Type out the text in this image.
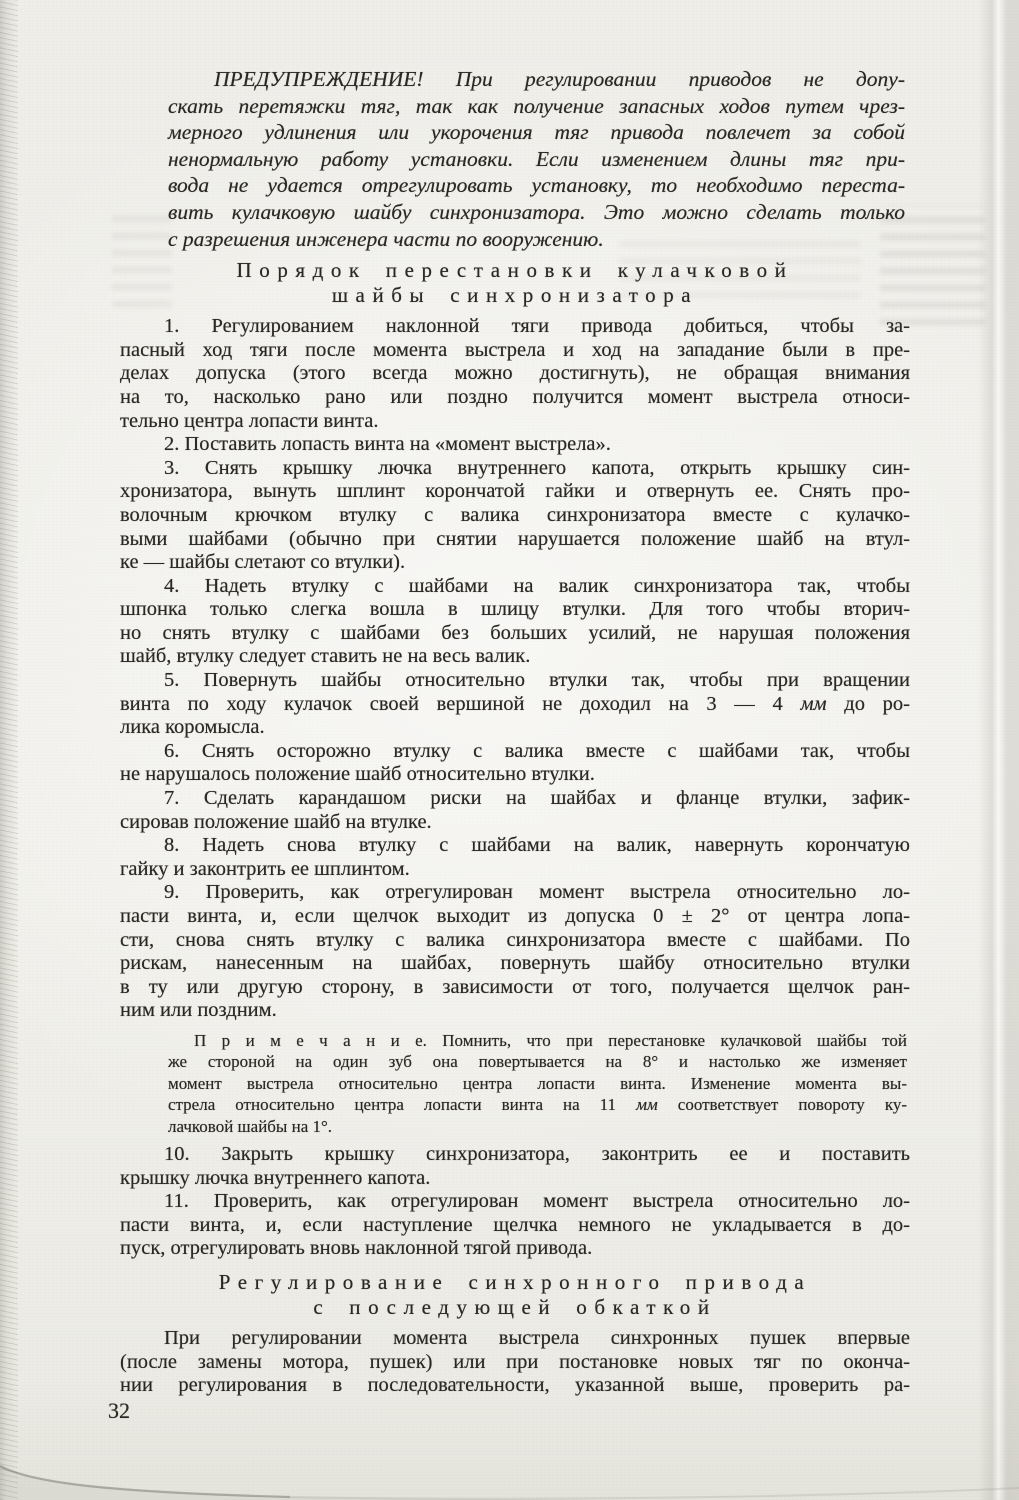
ПРЕДУПРЕЖДЕНИЕ! При регулировании приводов не допу-
скать перетяжки тяг, так как получение запасных ходов путем чрез-
мерного удлинения или укорочения тяг привода повлечет за собой
ненормальную работу установки. Если изменением длины тяг при-
вода не удается отрегулировать установку, то необходимо переста-
вить кулачковую шайбу синхронизатора. Это можно сделать только
с разрешения инженера части по вооружению.
Порядок перестановки кулачковой
шайбы синхронизатора
1. Регулированием наклонной тяги привода добиться, чтобы за-
пасный ход тяги после момента выстрела и ход на западание были в пре-
делах допуска (этого всегда можно достигнуть), не обращая внимания
на то, насколько рано или поздно получится момент выстрела относи-
тельно центра лопасти винта.
2. Поставить лопасть винта на «момент выстрела».
3. Снять крышку лючка внутреннего капота, открыть крышку син-
хронизатора, вынуть шплинт корончатой гайки и отвернуть ее. Снять про-
волочным крючком втулку с валика синхронизатора вместе с кулачко-
выми шайбами (обычно при снятии нарушается положение шайб на втул-
ке — шайбы слетают со втулки).
4. Надеть втулку с шайбами на валик синхронизатора так, чтобы
шпонка только слегка вошла в шлицу втулки. Для того чтобы вторич-
но снять втулку с шайбами без больших усилий, не нарушая положения
шайб, втулку следует ставить не на весь валик.
5. Повернуть шайбы относительно втулки так, чтобы при вращении
винта по ходу кулачок своей вершиной не доходил на 3 — 4 мм до ро-
лика коромысла.
6. Снять осторожно втулку с валика вместе с шайбами так, чтобы
не нарушалось положение шайб относительно втулки.
7. Сделать карандашом риски на шайбах и фланце втулки, зафик-
сировав положение шайб на втулке.
8. Надеть снова втулку с шайбами на валик, навернуть корончатую
гайку и законтрить ее шплинтом.
9. Проверить, как отрегулирован момент выстрела относительно ло-
пасти винта, и, если щелчок выходит из допуска 0 ± 2° от центра лопа-
сти, снова снять втулку с валика синхронизатора вместе с шайбами. По
рискам, нанесенным на шайбах, повернуть шайбу относительно втулки
в ту или другую сторону, в зависимости от того, получается щелчок ран-
ним или поздним.
П р и м е ч а н и е. Помнить, что при перестановке кулачковой шайбы той
же стороной на один зуб она повертывается на 8° и настолько же изменяет
момент выстрела относительно центра лопасти винта. Изменение момента вы-
стрела относительно центра лопасти винта на 11 мм соответствует повороту ку-
лачковой шайбы на 1°.
10. Закрыть крышку синхронизатора, законтрить ее и поставить
крышку лючка внутреннего капота.
11. Проверить, как отрегулирован момент выстрела относительно ло-
пасти винта, и, если наступление щелчка немного не укладывается в до-
пуск, отрегулировать вновь наклонной тягой привода.
Регулирование синхронного привода
с последующей обкаткой
При регулировании момента выстрела синхронных пушек впервые
(после замены мотора, пушек) или при постановке новых тяг по оконча-
нии регулирования в последовательности, указанной выше, проверить ра-
32
